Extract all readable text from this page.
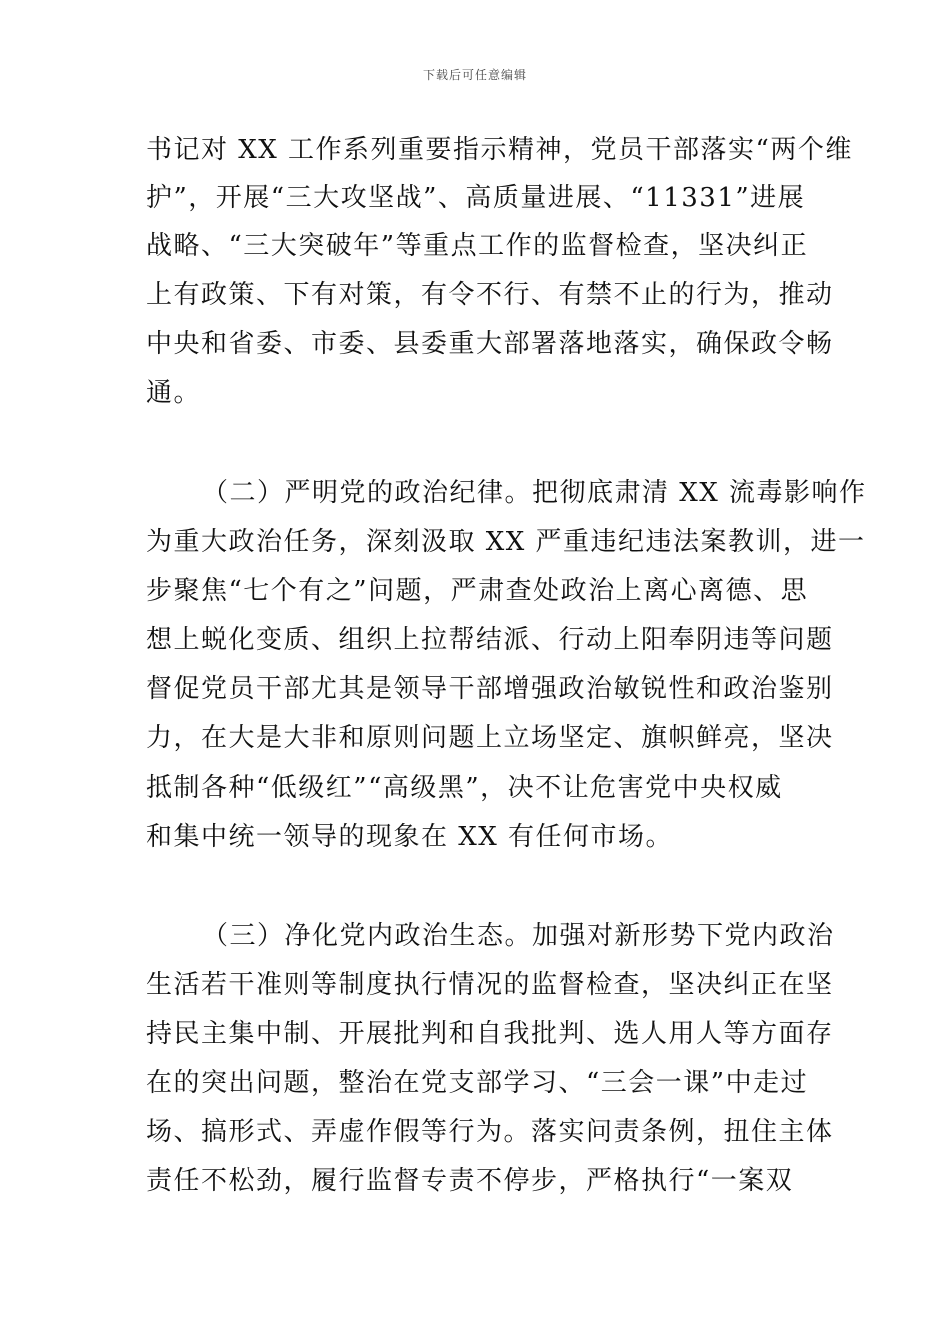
下载后可任意编辑
书记对 XX 工作系列重要指示精神，党员干部落实“两个维
护”，开展“三大攻坚战”、高质量进展、“11331”进展
战略、“三大突破年”等重点工作的监督检查，坚决纠正
上有政策、下有对策，有令不行、有禁不止的行为，推动
中央和省委、市委、县委重大部署落地落实，确保政令畅
通。
（二）严明党的政治纪律。把彻底肃清 XX 流毒影响作
为重大政治任务，深刻汲取 XX 严重违纪违法案教训，进一
步聚焦“七个有之”问题，严肃查处政治上离心离德、思
想上蜕化变质、组织上拉帮结派、行动上阳奉阴违等问题
督促党员干部尤其是领导干部增强政治敏锐性和政治鉴别
力，在大是大非和原则问题上立场坚定、旗帜鲜亮，坚决
抵制各种“低级红”“高级黑”，决不让危害党中央权威
和集中统一领导的现象在 XX 有任何市场。
（三）净化党内政治生态。加强对新形势下党内政治
生活若干准则等制度执行情况的监督检查，坚决纠正在坚
持民主集中制、开展批判和自我批判、选人用人等方面存
在的突出问题，整治在党支部学习、“三会一课”中走过
场、搞形式、弄虚作假等行为。落实问责条例，扭住主体
责任不松劲，履行监督专责不停步，严格执行“一案双
